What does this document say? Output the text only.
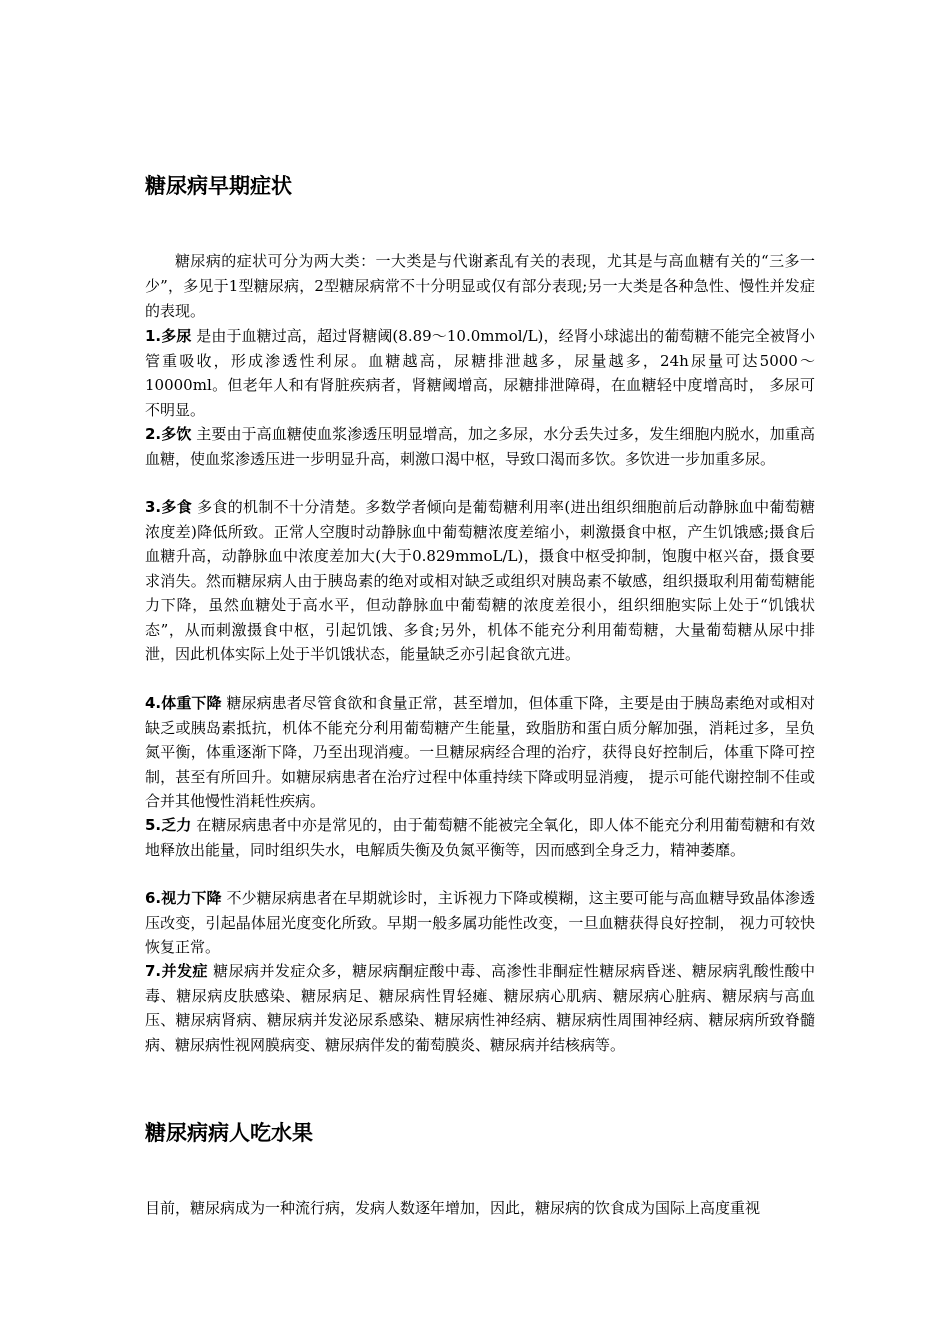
糖尿病早期症状

糖尿病的症状可分为两大类：一大类是与代谢紊乱有关的表现，尤其是与高血糖有关的“三多一少”，多见于1型糖尿病，2型糖尿病常不十分明显或仅有部分表现;另一大类是各种急性、慢性并发症的表现。

1.多尿 是由于血糖过高，超过肾糖阈(8.89～10.0mmol/L)，经肾小球滤出的葡萄糖不能完全被肾小管重吸收，形成渗透性利尿。血糖越高，尿糖排泄越多，尿量越多，24h尿量可达5000～10000ml。但老年人和有肾脏疾病者，肾糖阈增高，尿糖排泄障碍，在血糖轻中度增高时， 多尿可不明显。

2.多饮 主要由于高血糖使血浆渗透压明显增高，加之多尿，水分丢失过多，发生细胞内脱水，加重高血糖，使血浆渗透压进一步明显升高，刺激口渴中枢，导致口渴而多饮。多饮进一步加重多尿。

3.多食 多食的机制不十分清楚。多数学者倾向是葡萄糖利用率(进出组织细胞前后动静脉血中葡萄糖浓度差)降低所致。正常人空腹时动静脉血中葡萄糖浓度差缩小，刺激摄食中枢，产生饥饿感;摄食后血糖升高，动静脉血中浓度差加大(大于0.829mmoL/L)，摄食中枢受抑制，饱腹中枢兴奋，摄食要求消失。然而糖尿病人由于胰岛素的绝对或相对缺乏或组织对胰岛素不敏感，组织摄取利用葡萄糖能力下降，虽然血糖处于高水平，但动静脉血中葡萄糖的浓度差很小，组织细胞实际上处于“饥饿状态”，从而刺激摄食中枢，引起饥饿、多食;另外，机体不能充分利用葡萄糖，大量葡萄糖从尿中排泄，因此机体实际上处于半饥饿状态，能量缺乏亦引起食欲亢进。

4.体重下降 糖尿病患者尽管食欲和食量正常，甚至增加，但体重下降，主要是由于胰岛素绝对或相对缺乏或胰岛素抵抗，机体不能充分利用葡萄糖产生能量，致脂肪和蛋白质分解加强，消耗过多，呈负氮平衡，体重逐渐下降，乃至出现消瘦。一旦糖尿病经合理的治疗，获得良好控制后，体重下降可控制，甚至有所回升。如糖尿病患者在治疗过程中体重持续下降或明显消瘦， 提示可能代谢控制不佳或合并其他慢性消耗性疾病。

5.乏力 在糖尿病患者中亦是常见的，由于葡萄糖不能被完全氧化，即人体不能充分利用葡萄糖和有效地释放出能量，同时组织失水，电解质失衡及负氮平衡等，因而感到全身乏力，精神萎靡。

6.视力下降 不少糖尿病患者在早期就诊时，主诉视力下降或模糊，这主要可能与高血糖导致晶体渗透压改变，引起晶体屈光度变化所致。早期一般多属功能性改变，一旦血糖获得良好控制， 视力可较快恢复正常。

7.并发症 糖尿病并发症众多，糖尿病酮症酸中毒、高渗性非酮症性糖尿病昏迷、糖尿病乳酸性酸中毒、糖尿病皮肤感染、糖尿病足、糖尿病性胃轻瘫、糖尿病心肌病、糖尿病心脏病、糖尿病与高血压、糖尿病肾病、糖尿病并发泌尿系感染、糖尿病性神经病、糖尿病性周围神经病、糖尿病所致脊髓病、糖尿病性视网膜病变、糖尿病伴发的葡萄膜炎、糖尿病并结核病等。

糖尿病病人吃水果

目前，糖尿病成为一种流行病，发病人数逐年增加，因此，糖尿病的饮食成为国际上高度重视
